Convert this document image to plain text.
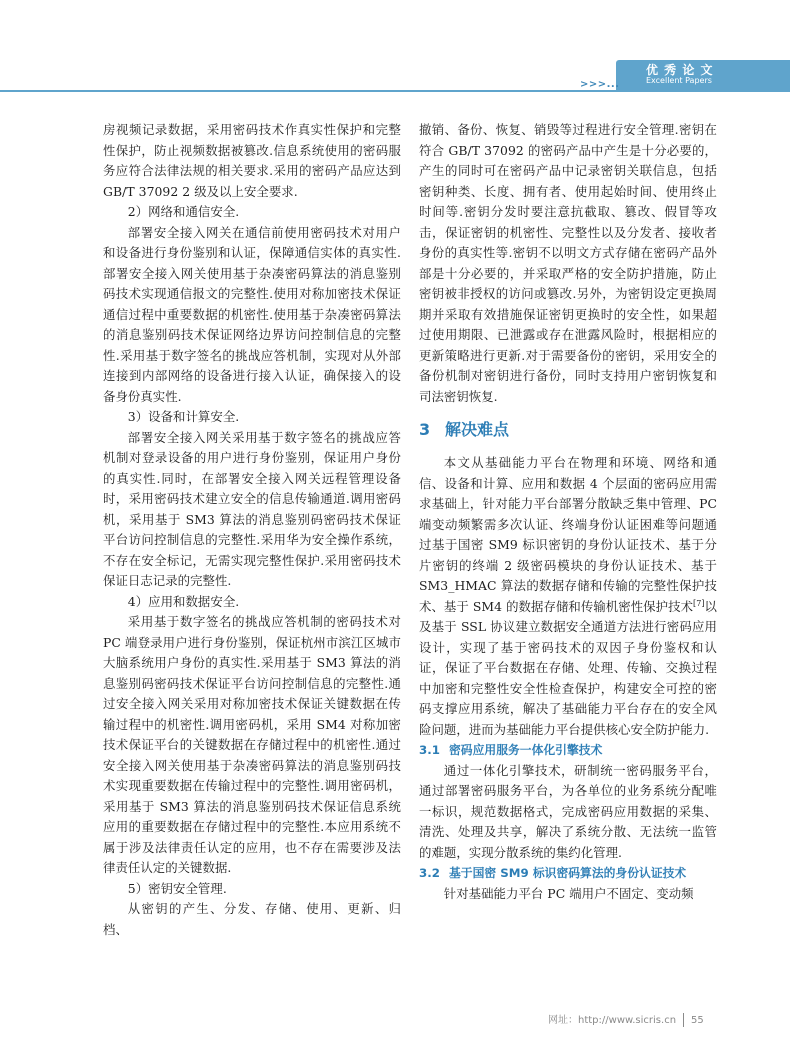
优 秀 论 文
Excellent Papers
>>>...

房视频记录数据，采用密码技术作真实性保护和完整性保护，防止视频数据被篡改.信息系统使用的密码服务应符合法律法规的相关要求.采用的密码产品应达到 GB/T 37092 2 级及以上安全要求.

2）网络和通信安全.

部署安全接入网关在通信前使用密码技术对用户和设备进行身份鉴别和认证，保障通信实体的真实性.部署安全接入网关使用基于杂凑密码算法的消息鉴别码技术实现通信报文的完整性.使用对称加密技术保证通信过程中重要数据的机密性.使用基于杂凑密码算法的消息鉴别码技术保证网络边界访问控制信息的完整性.采用基于数字签名的挑战应答机制，实现对从外部连接到内部网络的设备进行接入认证，确保接入的设备身份真实性.

3）设备和计算安全.

部署安全接入网关采用基于数字签名的挑战应答机制对登录设备的用户进行身份鉴别，保证用户身份的真实性.同时，在部署安全接入网关远程管理设备时，采用密码技术建立安全的信息传输通道.调用密码机，采用基于 SM3 算法的消息鉴别码密码技术保证平台访问控制信息的完整性.采用华为安全操作系统，不存在安全标记，无需实现完整性保护.采用密码技术保证日志记录的完整性.

4）应用和数据安全.

采用基于数字签名的挑战应答机制的密码技术对 PC 端登录用户进行身份鉴别，保证杭州市滨江区城市大脑系统用户身份的真实性.采用基于 SM3 算法的消息鉴别码密码技术保证平台访问控制信息的完整性.通过安全接入网关采用对称加密技术保证关键数据在传输过程中的机密性.调用密码机，采用 SM4 对称加密技术保证平台的关键数据在存储过程中的机密性.通过安全接入网关使用基于杂凑密码算法的消息鉴别码技术实现重要数据在传输过程中的完整性.调用密码机，采用基于 SM3 算法的消息鉴别码技术保证信息系统应用的重要数据在存储过程中的完整性.本应用系统不属于涉及法律责任认定的应用，也不存在需要涉及法律责任认定的关键数据.

5）密钥安全管理.

从密钥的产生、分发、存储、使用、更新、归档、

撤销、备份、恢复、销毁等过程进行安全管理.密钥在符合 GB/T 37092 的密码产品中产生是十分必要的，产生的同时可在密码产品中记录密钥关联信息，包括密钥种类、长度、拥有者、使用起始时间、使用终止时间等.密钥分发时要注意抗截取、篡改、假冒等攻击，保证密钥的机密性、完整性以及分发者、接收者身份的真实性等.密钥不以明文方式存储在密码产品外部是十分必要的，并采取严格的安全防护措施，防止密钥被非授权的访问或篡改.另外，为密钥设定更换周期并采取有效措施保证密钥更换时的安全性，如果超过使用期限、已泄露或存在泄露风险时，根据相应的更新策略进行更新.对于需要备份的密钥，采用安全的备份机制对密钥进行备份，同时支持用户密钥恢复和司法密钥恢复.

3 解决难点

本文从基础能力平台在物理和环境、网络和通信、设备和计算、应用和数据 4 个层面的密码应用需求基础上，针对能力平台部署分散缺乏集中管理、PC 端变动频繁需多次认证、终端身份认证困难等问题通过基于国密 SM9 标识密钥的身份认证技术、基于分片密钥的终端 2 级密码模块的身份认证技术、基于 SM3_HMAC 算法的数据存储和传输的完整性保护技术、基于 SM4 的数据存储和传输机密性保护技术[7]以及基于 SSL 协议建立数据安全通道方法进行密码应用设计，实现了基于密码技术的双因子身份鉴权和认证，保证了平台数据在存储、处理、传输、交换过程中加密和完整性安全性检查保护，构建安全可控的密码支撑应用系统，解决了基础能力平台存在的安全风险问题，进而为基础能力平台提供核心安全防护能力.

3.1 密码应用服务一体化引擎技术

通过一体化引擎技术，研制统一密码服务平台，通过部署密码服务平台，为各单位的业务系统分配唯一标识，规范数据格式，完成密码应用数据的采集、清洗、处理及共享，解决了系统分散、无法统一监管的难题，实现分散系统的集约化管理.

3.2 基于国密 SM9 标识密码算法的身份认证技术

针对基础能力平台 PC 端用户不固定、变动频

网址：http://www.sicris.cn 55
